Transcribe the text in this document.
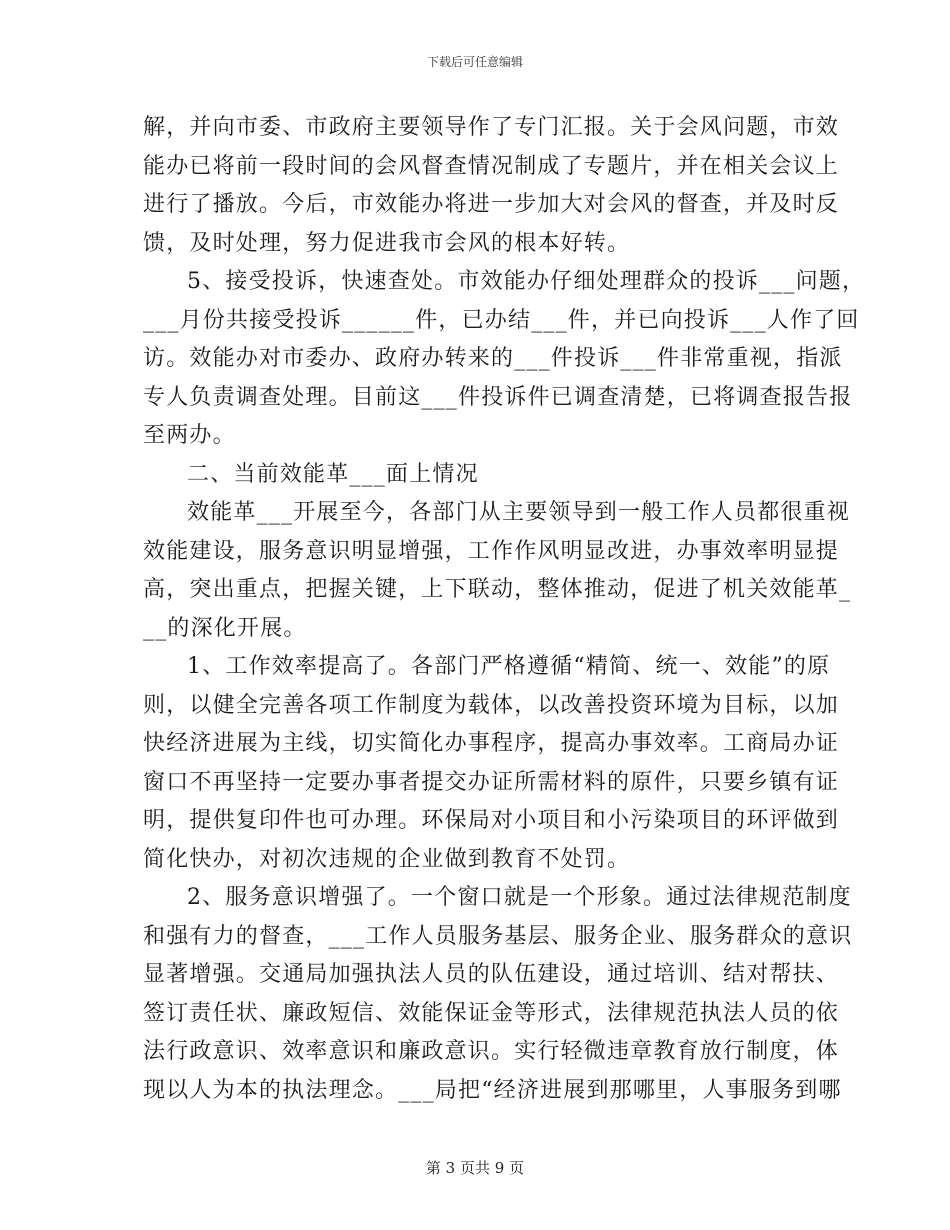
下载后可任意编辑
解，并向市委、市政府主要领导作了专门汇报。关于会风问题，市效
能办已将前一段时间的会风督查情况制成了专题片，并在相关会议上
进行了播放。今后，市效能办将进一步加大对会风的督查，并及时反
馈，及时处理，努力促进我市会风的根本好转。
5、接受投诉，快速查处。市效能办仔细处理群众的投诉___问题，
___月份共接受投诉______件，已办结___件，并已向投诉___人作了回
访。效能办对市委办、政府办转来的___件投诉___件非常重视，指派
专人负责调查处理。目前这___件投诉件已调查清楚，已将调查报告报
至两办。
二、当前效能革___面上情况
效能革___开展至今，各部门从主要领导到一般工作人员都很重视
效能建设，服务意识明显增强，工作作风明显改进，办事效率明显提
高，突出重点，把握关键，上下联动，整体推动，促进了机关效能革_
__的深化开展。
1、工作效率提高了。各部门严格遵循“精简、统一、效能”的原
则，以健全完善各项工作制度为载体，以改善投资环境为目标，以加
快经济进展为主线，切实简化办事程序，提高办事效率。工商局办证
窗口不再坚持一定要办事者提交办证所需材料的原件，只要乡镇有证
明，提供复印件也可办理。环保局对小项目和小污染项目的环评做到
简化快办，对初次违规的企业做到教育不处罚。
2、服务意识增强了。一个窗口就是一个形象。通过法律规范制度
和强有力的督查，___工作人员服务基层、服务企业、服务群众的意识
显著增强。交通局加强执法人员的队伍建设，通过培训、结对帮扶、
签订责任状、廉政短信、效能保证金等形式，法律规范执法人员的依
法行政意识、效率意识和廉政意识。实行轻微违章教育放行制度，体
现以人为本的执法理念。___局把“经济进展到那哪里，人事服务到哪
第 3 页共 9 页
